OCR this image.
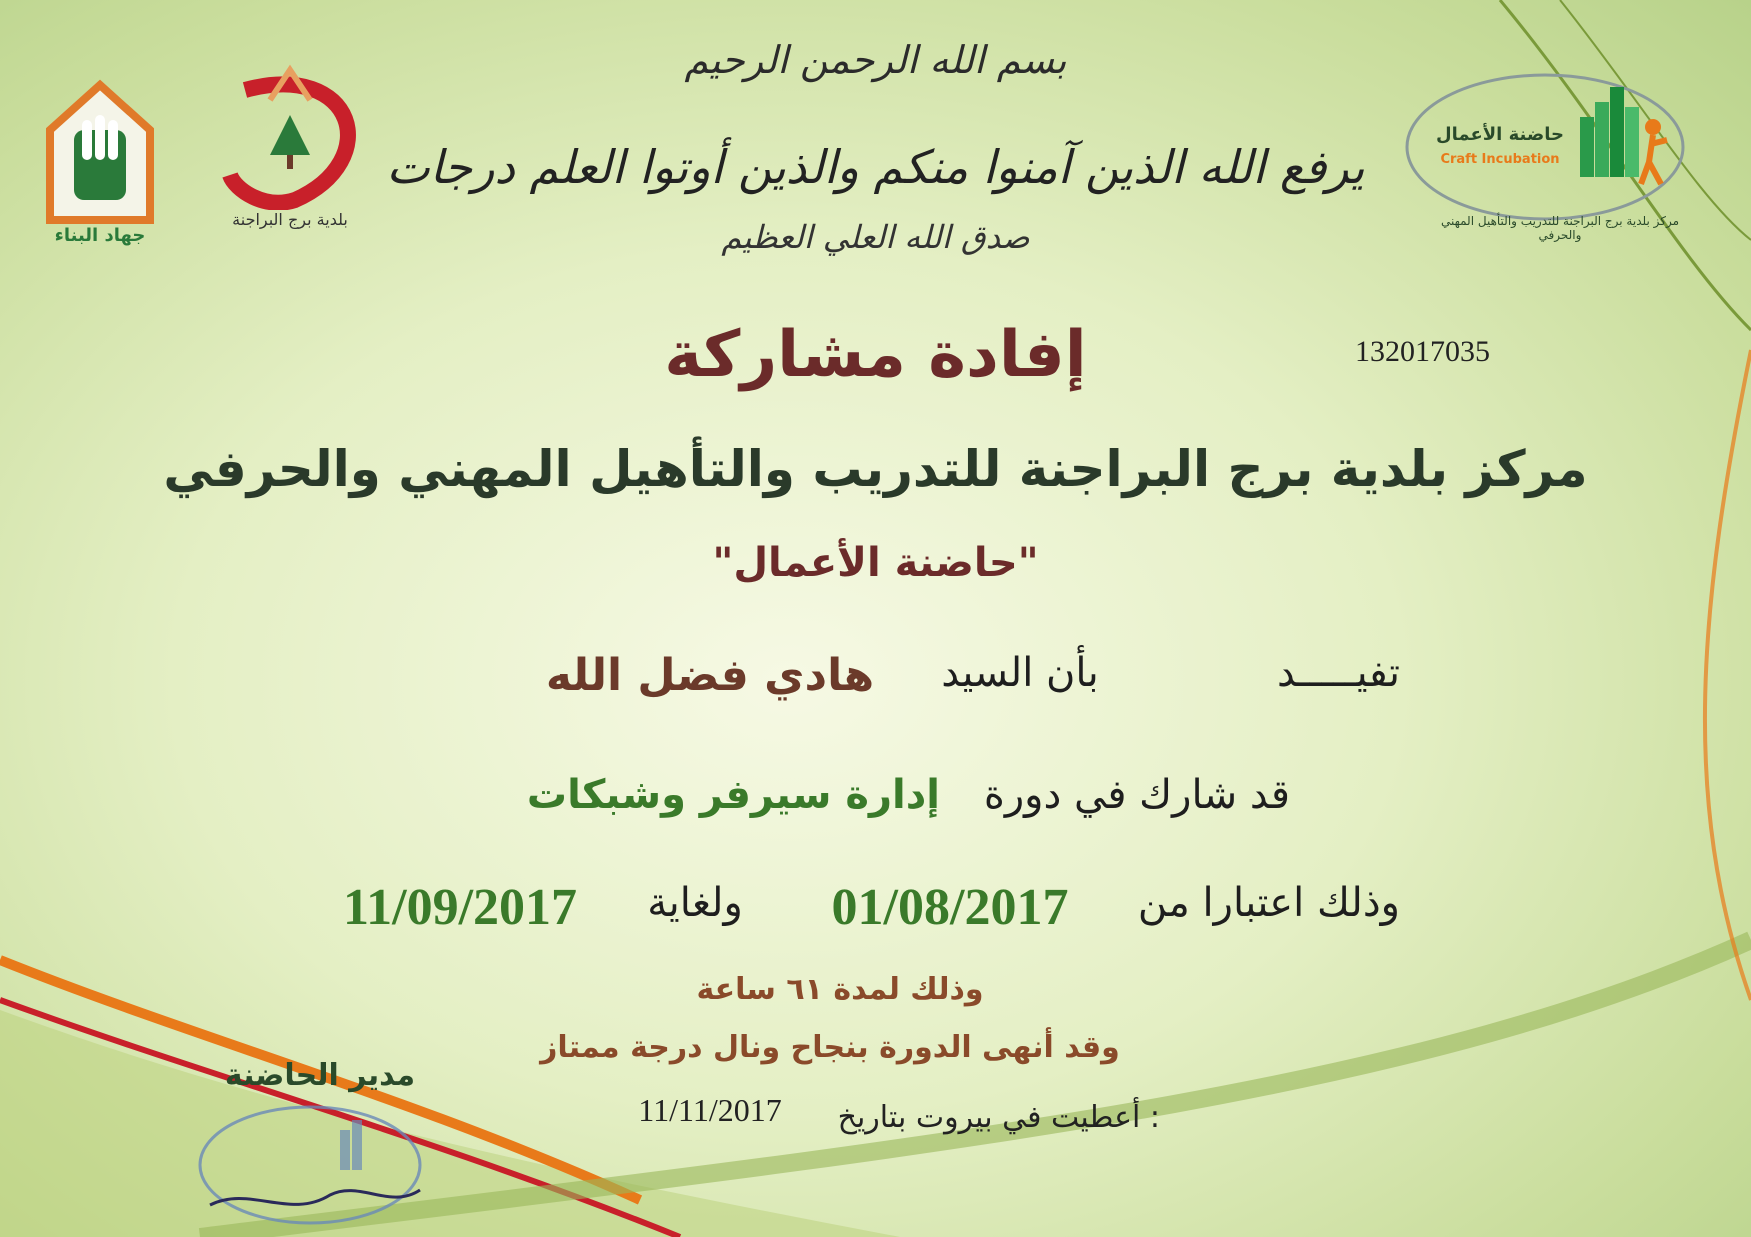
جهاد البناء
بلدية برج البراجنة
حاضنة الأعمال
Craft Incubation
مركز بلدية برج البراجنة للتدريب والتأهيل المهني والحرفي
بسم الله الرحمن الرحيم
يرفع الله الذين آمنوا منكم والذين أوتوا العلم درجات
صدق الله العلي العظيم
إفادة مشاركة	132017035
مركز بلدية برج البراجنة للتدريب والتأهيل المهني والحرفي
"حاضنة الأعمال"
تفيـــــد
بأن السيد
هادي فضل الله
قد شارك في دورة
إدارة سيرفر وشبكات
وذلك اعتبارا من
01/08/2017
ولغاية
11/09/2017
وذلك لمدة ٦١ ساعة
وقد أنهى الدورة بنجاح ونال درجة ممتاز
أعطيت في بيروت بتاريخ :
11/11/2017
مدير الحاضنة
